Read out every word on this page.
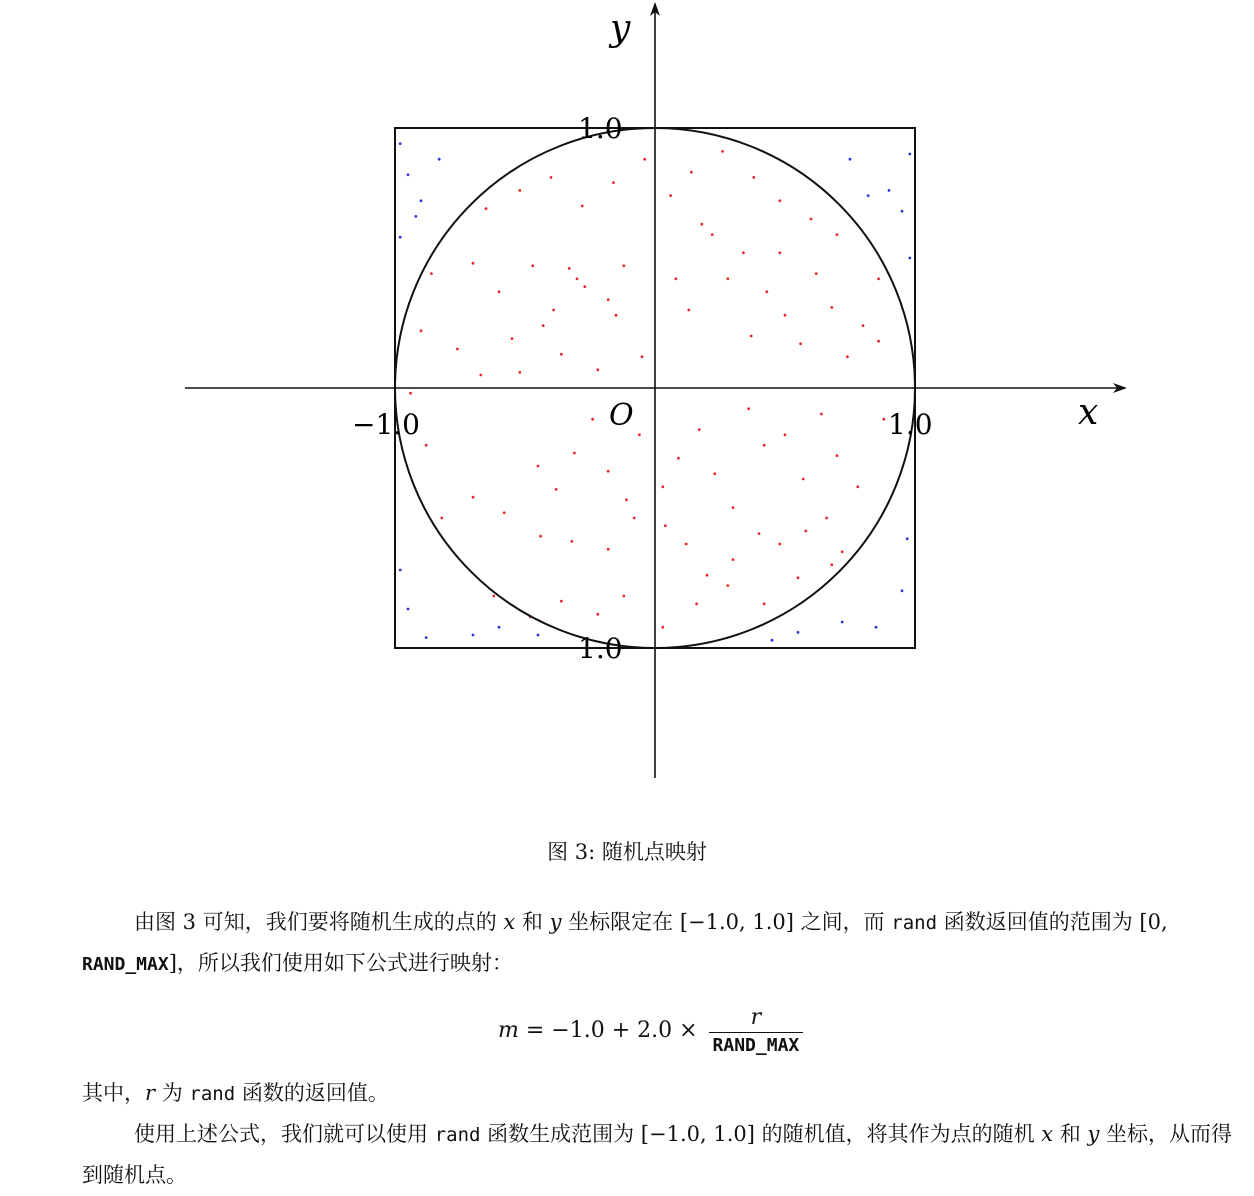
x
y
O
−1.0	1.0
1.0
1.0
图 3: 随机点映射

由图 3 可知，我们要将随机生成的点的 x 和 y 坐标限定在 [−1.0, 1.0] 之间，而 rand 函数返回值的范围为 [0, RAND_MAX]，所以我们使用如下公式进行映射：

$m = -1.0 + 2.0 \times \frac{r}{\text{RAND\_MAX}}$

其中，r 为 rand 函数的返回值。

使用上述公式，我们就可以使用 rand 函数生成范围为 [−1.0, 1.0] 的随机值，将其作为点的随机 x 和 y 坐标，从而得到随机点。
